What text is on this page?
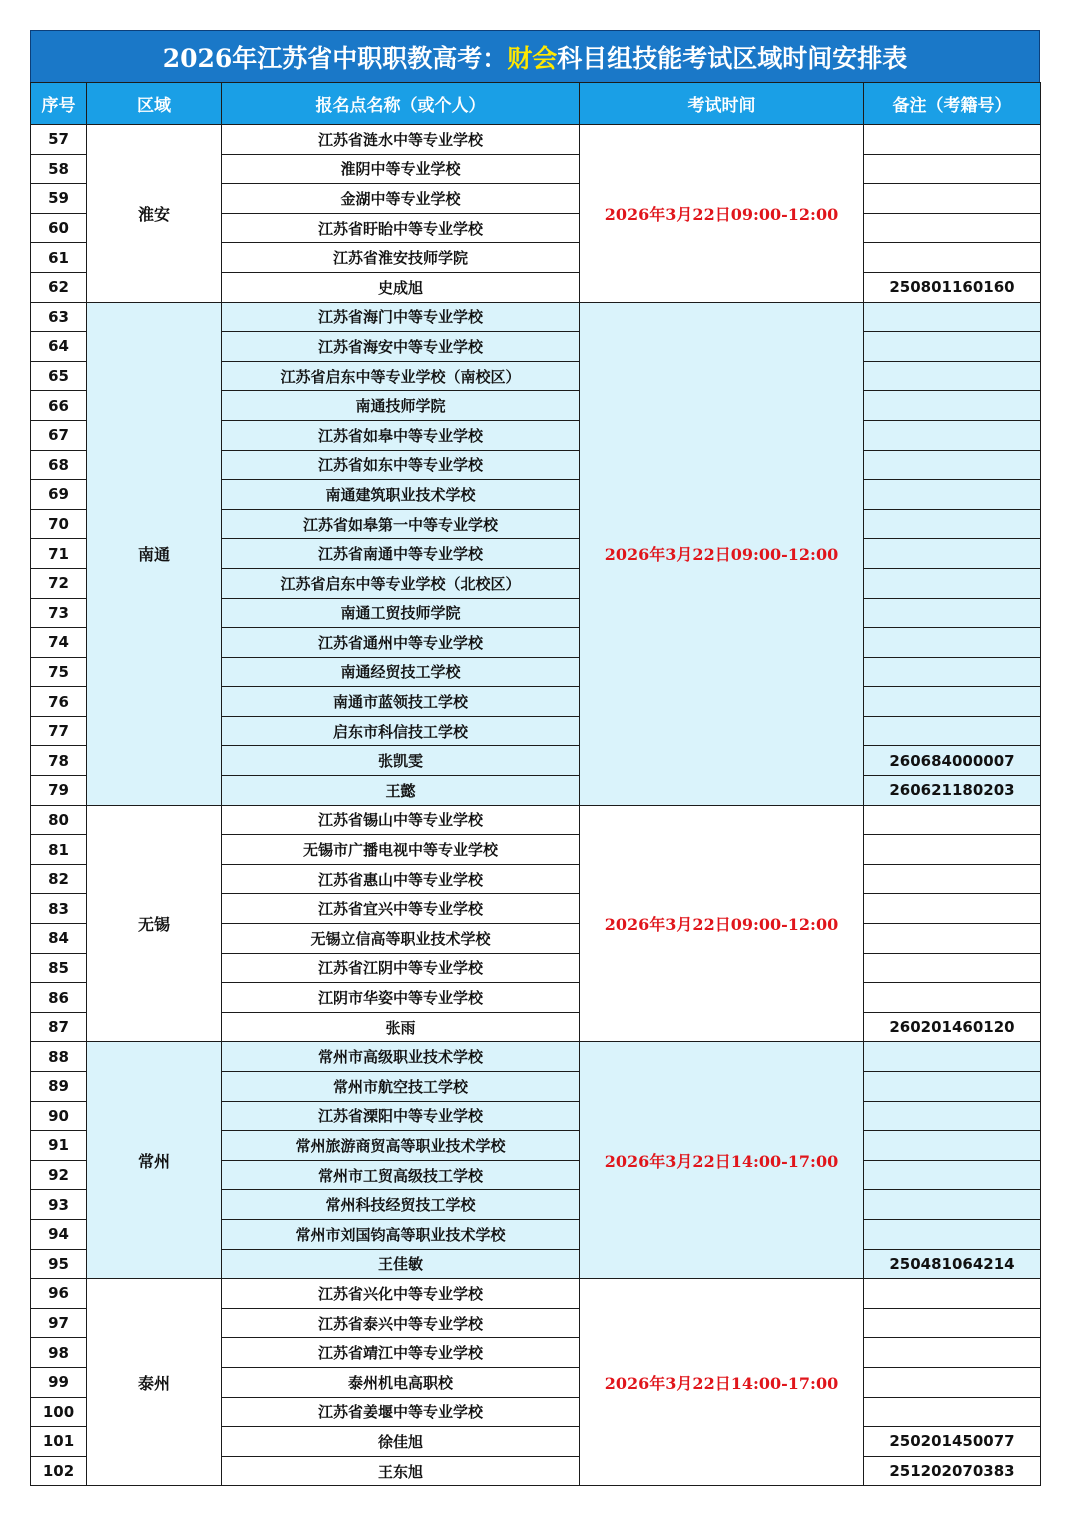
2026年江苏省中职职教高考： 财会 科目组技能考试区域时间安排表
序号	区域	报名点名称（或个人）	考试时间	备注（考籍号）
57	淮安	江苏省涟水中等专业学校	2026年3月22日09:00-12:00	
58		淮阴中等专业学校		
59		金湖中等专业学校		
60		江苏省盱眙中等专业学校		
61		江苏省淮安技师学院		
62		史成旭		250801160160
63	南通	江苏省海门中等专业学校	2026年3月22日09:00-12:00	
64		江苏省海安中等专业学校		
65		江苏省启东中等专业学校（南校区）		
66		南通技师学院		
67		江苏省如皋中等专业学校		
68		江苏省如东中等专业学校		
69		南通建筑职业技术学校		
70		江苏省如皋第一中等专业学校		
71		江苏省南通中等专业学校		
72		江苏省启东中等专业学校（北校区）		
73		南通工贸技师学院		
74		江苏省通州中等专业学校		
75		南通经贸技工学校		
76		南通市蓝领技工学校		
77		启东市科信技工学校		
78		张凯雯		260684000007
79		王懿		260621180203
80	无锡	江苏省锡山中等专业学校	2026年3月22日09:00-12:00	
81		无锡市广播电视中等专业学校		
82		江苏省惠山中等专业学校		
83		江苏省宜兴中等专业学校		
84		无锡立信高等职业技术学校		
85		江苏省江阴中等专业学校		
86		江阴市华姿中等专业学校		
87		张雨		260201460120
88	常州	常州市高级职业技术学校	2026年3月22日14:00-17:00	
89		常州市航空技工学校		
90		江苏省溧阳中等专业学校		
91		常州旅游商贸高等职业技术学校		
92		常州市工贸高级技工学校		
93		常州科技经贸技工学校		
94		常州市刘国钧高等职业技术学校		
95		王佳敏		250481064214
96	泰州	江苏省兴化中等专业学校	2026年3月22日14:00-17:00	
97		江苏省泰兴中等专业学校		
98		江苏省靖江中等专业学校		
99		泰州机电高职校		
100		江苏省姜堰中等专业学校		
101		徐佳旭		250201450077
102		王东旭		251202070383
